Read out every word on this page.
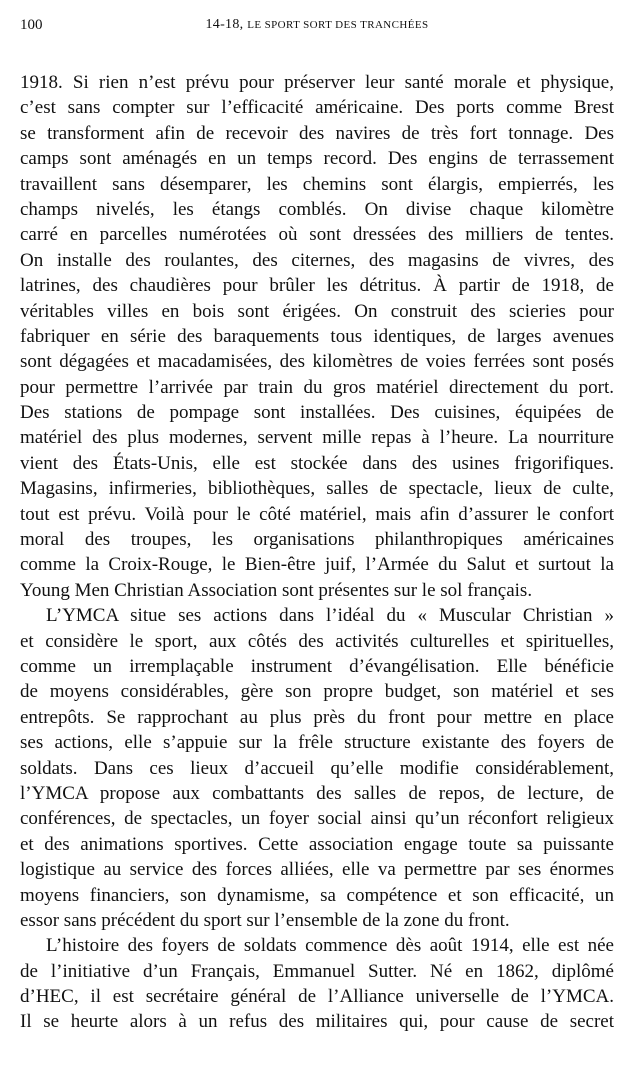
100	14-18, LE SPORT SORT DES TRANCHÉES

1918. Si rien n’est prévu pour préserver leur santé morale et physique,
c’est sans compter sur l’efficacité américaine. Des ports comme Brest
se transforment afin de recevoir des navires de très fort tonnage. Des
camps sont aménagés en un temps record. Des engins de terrassement
travaillent sans désemparer, les chemins sont élargis, empierrés, les
champs nivelés, les étangs comblés. On divise chaque kilomètre
carré en parcelles numérotées où sont dressées des milliers de tentes.
On installe des roulantes, des citernes, des magasins de vivres, des
latrines, des chaudières pour brûler les détritus. À partir de 1918, de
véritables villes en bois sont érigées. On construit des scieries pour
fabriquer en série des baraquements tous identiques, de larges avenues
sont dégagées et macadamisées, des kilomètres de voies ferrées sont posés
pour permettre l’arrivée par train du gros matériel directement du port.
Des stations de pompage sont installées. Des cuisines, équipées de
matériel des plus modernes, servent mille repas à l’heure. La nourriture
vient des États-Unis, elle est stockée dans des usines frigorifiques.
Magasins, infirmeries, bibliothèques, salles de spectacle, lieux de culte,
tout est prévu. Voilà pour le côté matériel, mais afin d’assurer le confort
moral des troupes, les organisations philanthropiques américaines
comme la Croix-Rouge, le Bien-être juif, l’Armée du Salut et surtout la
Young Men Christian Association sont présentes sur le sol français.

L’YMCA situe ses actions dans l’idéal du « Muscular Christian »
et considère le sport, aux côtés des activités culturelles et spirituelles,
comme un irremplaçable instrument d’évangélisation. Elle bénéficie
de moyens considérables, gère son propre budget, son matériel et ses
entrepôts. Se rapprochant au plus près du front pour mettre en place
ses actions, elle s’appuie sur la frêle structure existante des foyers de
soldats. Dans ces lieux d’accueil qu’elle modifie considérablement,
l’YMCA propose aux combattants des salles de repos, de lecture, de
conférences, de spectacles, un foyer social ainsi qu’un réconfort religieux
et des animations sportives. Cette association engage toute sa puissante
logistique au service des forces alliées, elle va permettre par ses énormes
moyens financiers, son dynamisme, sa compétence et son efficacité, un
essor sans précédent du sport sur l’ensemble de la zone du front.

L’histoire des foyers de soldats commence dès août 1914, elle est née
de l’initiative d’un Français, Emmanuel Sutter. Né en 1862, diplômé
d’HEC, il est secrétaire général de l’Alliance universelle de l’YMCA.
Il se heurte alors à un refus des militaires qui, pour cause de secret
